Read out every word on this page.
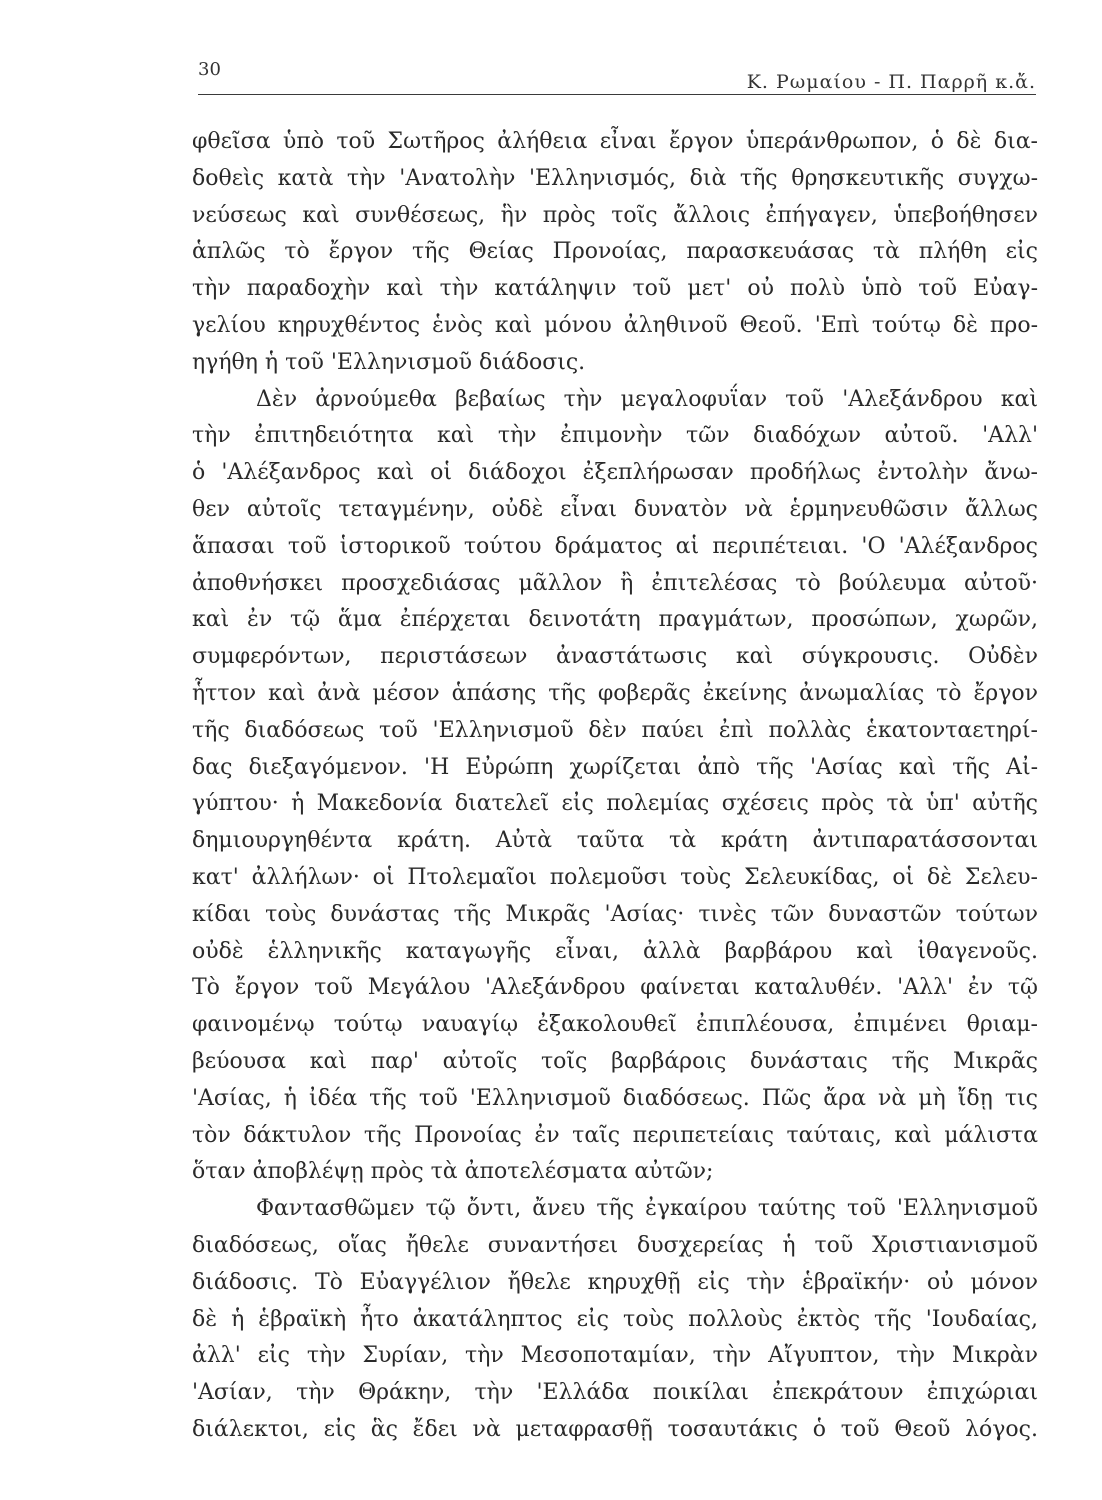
30
Κ. Ρωμαίου - Π. Παρρῆ κ.ἄ.
φθεῖσα ὑπὸ τοῦ Σωτῆρος ἀλήθεια εἶναι ἔργον ὑπεράνθρωπον, ὁ δὲ δια-
δοθεὶς κατὰ τὴν 'Ανατολὴν 'Ελληνισμός, διὰ τῆς θρησκευτικῆς συγχω-
νεύσεως καὶ συνθέσεως, ἣν πρὸς τοῖς ἄλλοις ἐπήγαγεν, ὑπεβοήθησεν
ἁπλῶς τὸ ἔργον τῆς Θείας Προνοίας, παρασκευάσας τὰ πλήθη εἰς
τὴν παραδοχὴν καὶ τὴν κατάληψιν τοῦ μετ' οὐ πολὺ ὑπὸ τοῦ Εὐαγ-
γελίου κηρυχθέντος ἑνὸς καὶ μόνου ἀληθινοῦ Θεοῦ. 'Επὶ τούτῳ δὲ προ-
ηγήθη ἡ τοῦ 'Ελληνισμοῦ διάδοσις.
Δὲν ἀρνούμεθα βεβαίως τὴν μεγαλοφυΐαν τοῦ 'Αλεξάνδρου καὶ
τὴν ἐπιτηδειότητα καὶ τὴν ἐπιμονὴν τῶν διαδόχων αὐτοῦ. 'Αλλ'
ὁ 'Αλέξανδρος καὶ οἱ διάδοχοι ἐξεπλήρωσαν προδήλως ἐντολὴν ἄνω-
θεν αὐτοῖς τεταγμένην, οὐδὲ εἶναι δυνατὸν νὰ ἑρμηνευθῶσιν ἄλλως
ἅπασαι τοῦ ἱστορικοῦ τούτου δράματος αἱ περιπέτειαι. 'Ο 'Αλέξανδρος
ἀποθνήσκει προσχεδιάσας μᾶλλον ἢ ἐπιτελέσας τὸ βούλευμα αὐτοῦ·
καὶ ἐν τῷ ἅμα ἐπέρχεται δεινοτάτη πραγμάτων, προσώπων, χωρῶν,
συμφερόντων, περιστάσεων ἀναστάτωσις καὶ σύγκρουσις. Οὐδὲν
ἧττον καὶ ἀνὰ μέσον ἁπάσης τῆς φοβερᾶς ἐκείνης ἀνωμαλίας τὸ ἔργον
τῆς διαδόσεως τοῦ 'Ελληνισμοῦ δὲν παύει ἐπὶ πολλὰς ἑκατονταετηρί-
δας διεξαγόμενον. 'Η Εὐρώπη χωρίζεται ἀπὸ τῆς 'Ασίας καὶ τῆς Αἰ-
γύπτου· ἡ Μακεδονία διατελεῖ εἰς πολεμίας σχέσεις πρὸς τὰ ὑπ' αὐτῆς
δημιουργηθέντα κράτη. Αὐτὰ ταῦτα τὰ κράτη ἀντιπαρατάσσονται
κατ' ἀλλήλων· οἱ Πτολεμαῖοι πολεμοῦσι τοὺς Σελευκίδας, οἱ δὲ Σελευ-
κίδαι τοὺς δυνάστας τῆς Μικρᾶς 'Ασίας· τινὲς τῶν δυναστῶν τούτων
οὐδὲ ἑλληνικῆς καταγωγῆς εἶναι, ἀλλὰ βαρβάρου καὶ ἰθαγενοῦς.
Τὸ ἔργον τοῦ Μεγάλου 'Αλεξάνδρου φαίνεται καταλυθέν. 'Αλλ' ἐν τῷ
φαινομένῳ τούτῳ ναυαγίῳ ἐξακολουθεῖ ἐπιπλέουσα, ἐπιμένει θριαμ-
βεύουσα καὶ παρ' αὐτοῖς τοῖς βαρβάροις δυνάσταις τῆς Μικρᾶς
'Ασίας, ἡ ἰδέα τῆς τοῦ 'Ελληνισμοῦ διαδόσεως. Πῶς ἄρα νὰ μὴ ἴδῃ τις
τὸν δάκτυλον τῆς Προνοίας ἐν ταῖς περιπετείαις ταύταις, καὶ μάλιστα
ὅταν ἀποβλέψῃ πρὸς τὰ ἀποτελέσματα αὐτῶν;
Φαντασθῶμεν τῷ ὄντι, ἄνευ τῆς ἐγκαίρου ταύτης τοῦ 'Ελληνισμοῦ
διαδόσεως, οἵας ἤθελε συναντήσει δυσχερείας ἡ τοῦ Χριστιανισμοῦ
διάδοσις. Τὸ Εὐαγγέλιον ἤθελε κηρυχθῇ εἰς τὴν ἑβραϊκήν· οὐ μόνον
δὲ ἡ ἑβραϊκὴ ἦτο ἀκατάληπτος εἰς τοὺς πολλοὺς ἐκτὸς τῆς 'Ιουδαίας,
ἀλλ' εἰς τὴν Συρίαν, τὴν Μεσοποταμίαν, τὴν Αἴγυπτον, τὴν Μικρὰν
'Ασίαν, τὴν Θράκην, τὴν 'Ελλάδα ποικίλαι ἐπεκράτουν ἐπιχώριαι
διάλεκτοι, εἰς ἃς ἔδει νὰ μεταφρασθῇ τοσαυτάκις ὁ τοῦ Θεοῦ λόγος.
